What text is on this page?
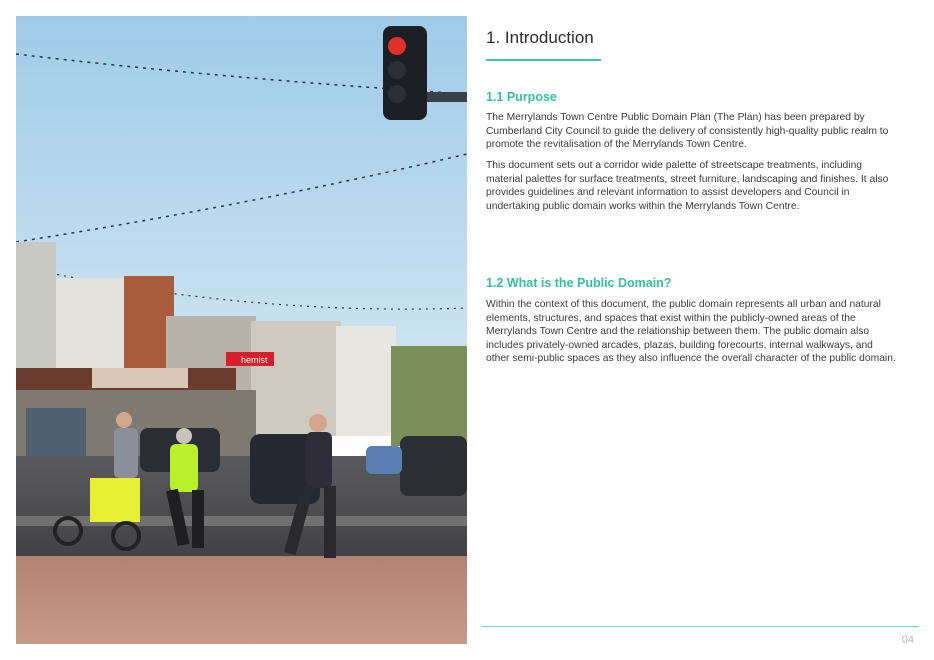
hemist
1. Introduction
1.1 Purpose

The Merrylands Town Centre Public Domain Plan (The Plan) has been prepared by Cumberland City Council to guide the delivery of consistently high-quality public realm to promote the revitalisation of the Merrylands Town Centre.

This document sets out a corridor wide palette of streetscape treatments, including material palettes for surface treatments, street furniture, landscaping and finishes. It also provides guidelines and relevant information to assist developers and Council in undertaking public domain works within the Merrylands Town Centre.

1.2 What is the Public Domain?

Within the context of this document, the public domain represents all urban and natural elements, structures, and spaces that exist within the publicly-owned areas of the Merrylands Town Centre and the relationship between them. The public domain also includes privately-owned arcades, plazas, building forecourts, internal walkways, and other semi-public spaces as they also influence the overall character of the public domain.

04
